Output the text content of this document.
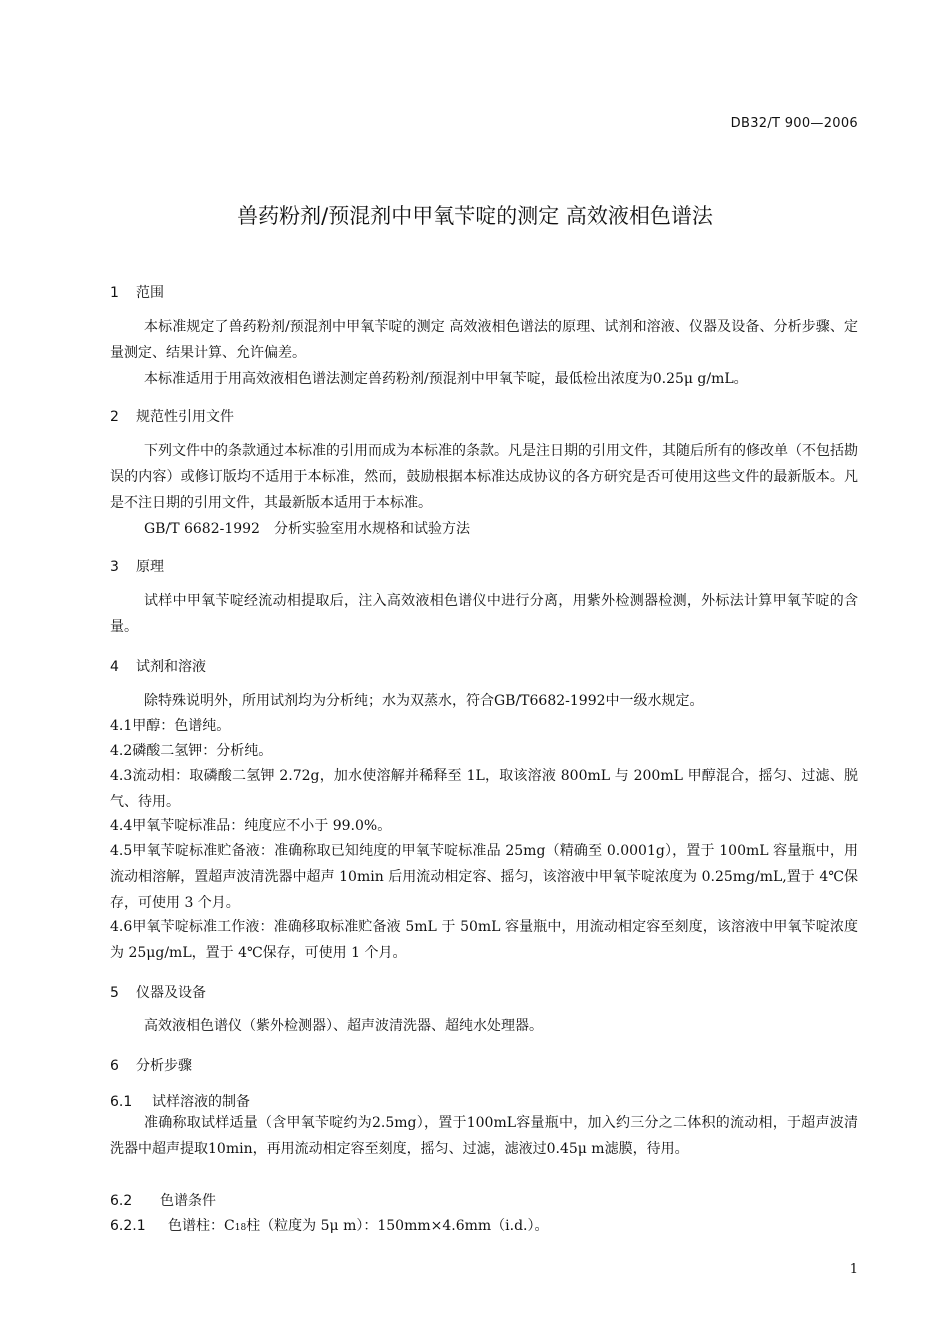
DB32/T 900—2006
兽药粉剂/预混剂中甲氧苄啶的测定 高效液相色谱法
1 范围
本标准规定了兽药粉剂/预混剂中甲氧苄啶的测定 高效液相色谱法的原理、试剂和溶液、仪器及设备、分析步骤、定量测定、结果计算、允许偏差。
本标准适用于用高效液相色谱法测定兽药粉剂/预混剂中甲氧苄啶，最低检出浓度为0.25μ g/mL。
2 规范性引用文件
下列文件中的条款通过本标准的引用而成为本标准的条款。凡是注日期的引用文件，其随后所有的修改单（不包括勘误的内容）或修订版均不适用于本标准，然而，鼓励根据本标准达成协议的各方研究是否可使用这些文件的最新版本。凡是不注日期的引用文件，其最新版本适用于本标准。
GB/T 6682-1992　分析实验室用水规格和试验方法
3 原理
试样中甲氧苄啶经流动相提取后，注入高效液相色谱仪中进行分离，用紫外检测器检测，外标法计算甲氧苄啶的含量。
4 试剂和溶液
除特殊说明外，所用试剂均为分析纯；水为双蒸水，符合GB/T6682-1992中一级水规定。
4.1甲醇：色谱纯。
4.2磷酸二氢钾：分析纯。
4.3流动相：取磷酸二氢钾 2.72g，加水使溶解并稀释至 1L，取该溶液 800mL 与 200mL 甲醇混合，摇匀、过滤、脱气、待用。
4.4甲氧苄啶标准品：纯度应不小于 99.0%。
4.5甲氧苄啶标准贮备液：准确称取已知纯度的甲氧苄啶标准品 25mg（精确至 0.0001g），置于 100mL 容量瓶中，用流动相溶解，置超声波清洗器中超声 10min 后用流动相定容、摇匀，该溶液中甲氧苄啶浓度为 0.25mg/mL,置于 4℃保存，可使用 3 个月。
4.6甲氧苄啶标准工作液：准确移取标准贮备液 5mL 于 50mL 容量瓶中，用流动相定容至刻度，该溶液中甲氧苄啶浓度为 25μg/mL，置于 4℃保存，可使用 1 个月。
5 仪器及设备
高效液相色谱仪（紫外检测器）、超声波清洗器、超纯水处理器。
6 分析步骤
6.1 试样溶液的制备
准确称取试样适量（含甲氧苄啶约为2.5mg），置于100mL容量瓶中，加入约三分之二体积的流动相，于超声波清洗器中超声提取10min，再用流动相定容至刻度，摇匀、过滤，滤液过0.45μ m滤膜，待用。
6.2 色谱条件
6.2.1 色谱柱：C18柱（粒度为 5μ m）：150mm×4.6mm（i.d.）。
1
